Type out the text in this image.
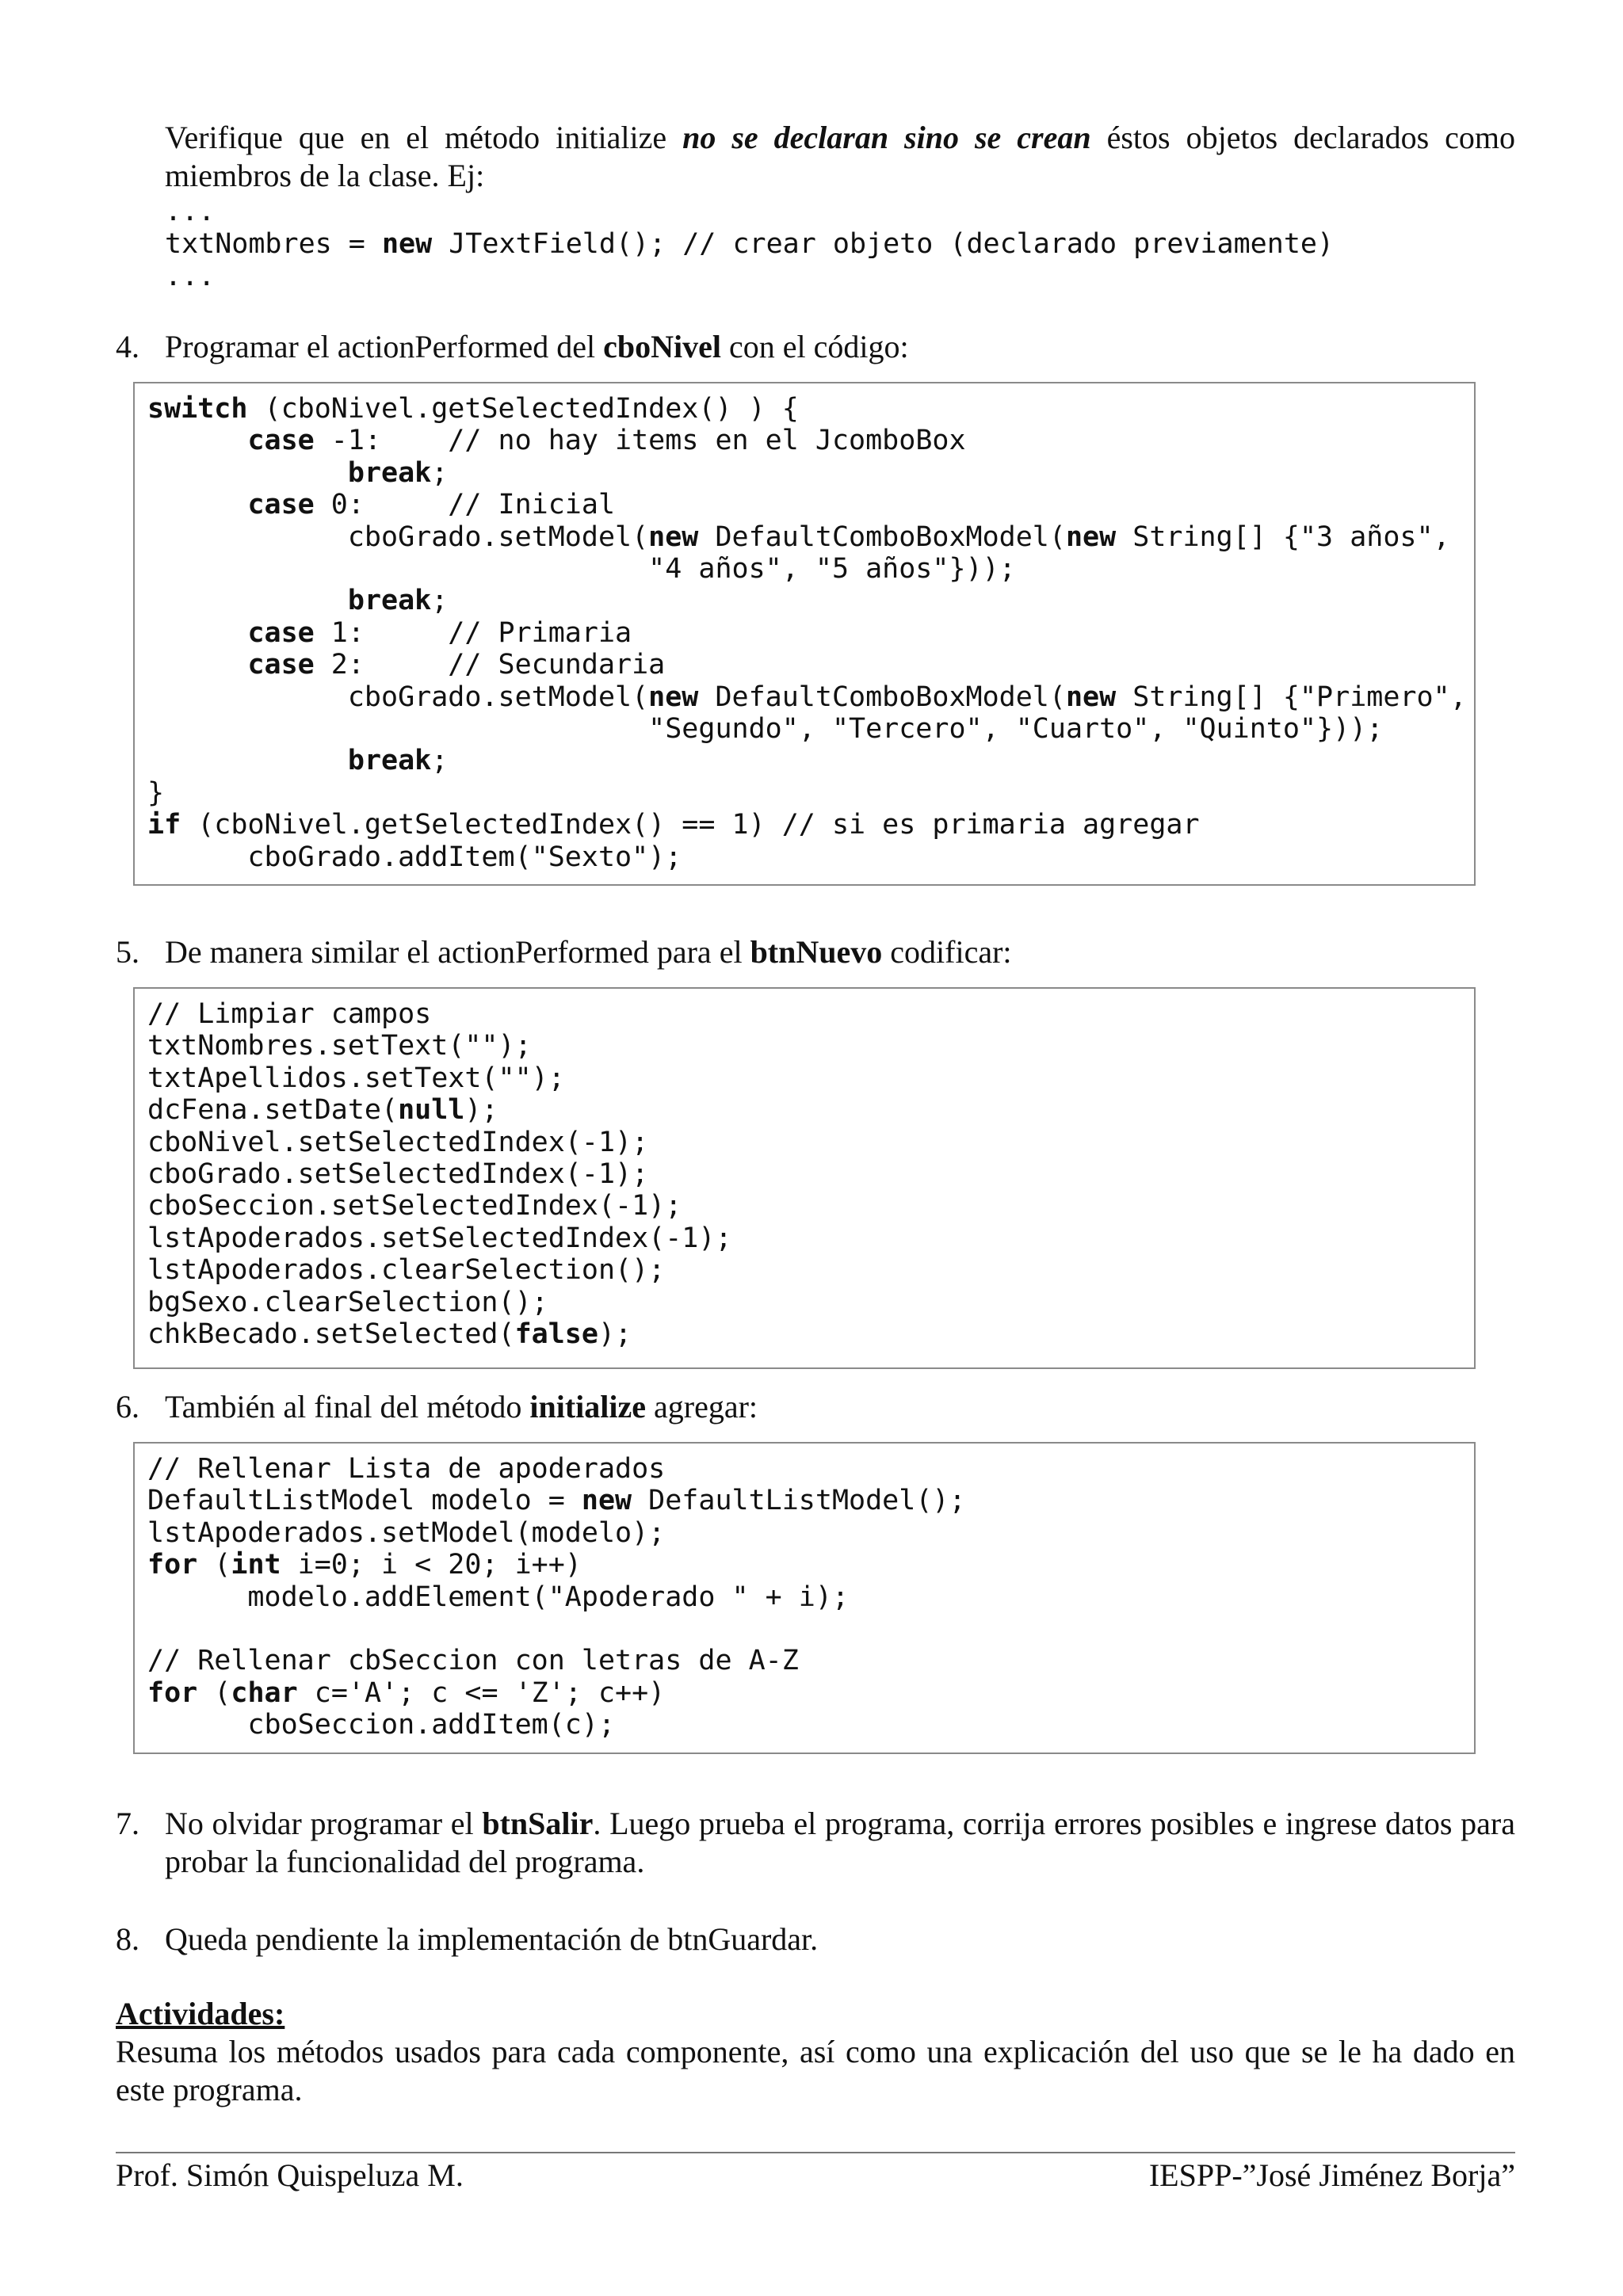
Verifique que en el método initialize no se declaran sino se crean éstos objetos declarados como miembros de la clase. Ej:
...
txtNombres = new JTextField(); // crear objeto (declarado previamente)
...
4. Programar el actionPerformed del cboNivel con el código:
switch (cboNivel.getSelectedIndex() ) {
case -1:    // no hay items en el JcomboBox
break;
case 0:     // Inicial
cboGrado.setModel(new DefaultComboBoxModel(new String[] {"3 años",
"4 años", "5 años"}));
break;
case 1:     // Primaria
case 2:     // Secundaria
cboGrado.setModel(new DefaultComboBoxModel(new String[] {"Primero",
"Segundo", "Tercero", "Cuarto", "Quinto"}));
break;
}
if (cboNivel.getSelectedIndex() == 1) // si es primaria agregar
cboGrado.addItem("Sexto");
5. De manera similar el actionPerformed para el btnNuevo codificar:
// Limpiar campos
txtNombres.setText("");
txtApellidos.setText("");
dcFena.setDate(null);
cboNivel.setSelectedIndex(-1);
cboGrado.setSelectedIndex(-1);
cboSeccion.setSelectedIndex(-1);
lstApoderados.setSelectedIndex(-1);
lstApoderados.clearSelection();
bgSexo.clearSelection();
chkBecado.setSelected(false);
6. También al final del método initialize agregar:
// Rellenar Lista de apoderados
DefaultListModel modelo = new DefaultListModel();
lstApoderados.setModel(modelo);
for (int i=0; i < 20; i++)
modelo.addElement("Apoderado " + i);

// Rellenar cbSeccion con letras de A-Z
for (char c='A'; c <= 'Z'; c++)
cboSeccion.addItem(c);
7. No olvidar programar el btnSalir. Luego prueba el programa, corrija errores posibles e ingrese datos para probar la funcionalidad del programa.
8. Queda pendiente la implementación de btnGuardar.
Actividades:
Resuma los métodos usados para cada componente, así como una explicación del uso que se le ha dado en este programa.
Prof. Simón Quispeluza M.	IESPP-”José Jiménez Borja”
